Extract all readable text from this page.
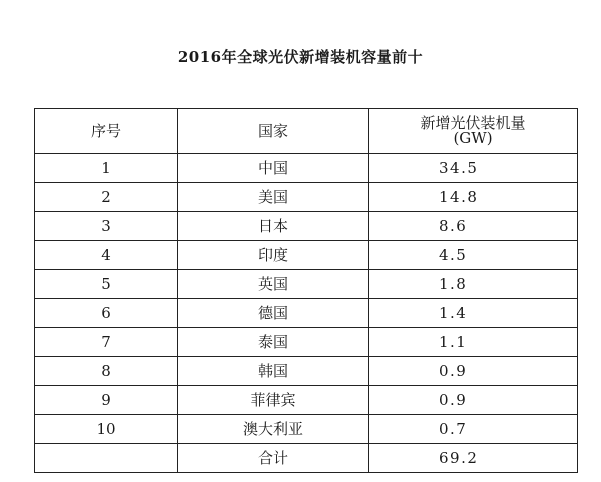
2016年全球光伏新增装机容量前十
序号	国家	新增光伏装机量
(GW)

1	中国	34.5
2	美国	14.8
3	日本	8.6
4	印度	4.5
5	英国	1.8
6	德国	1.4
7	泰国	1.1
8	韩国	0.9
9	菲律宾	0.9
10	澳大利亚	0.7
	合计	69.2
